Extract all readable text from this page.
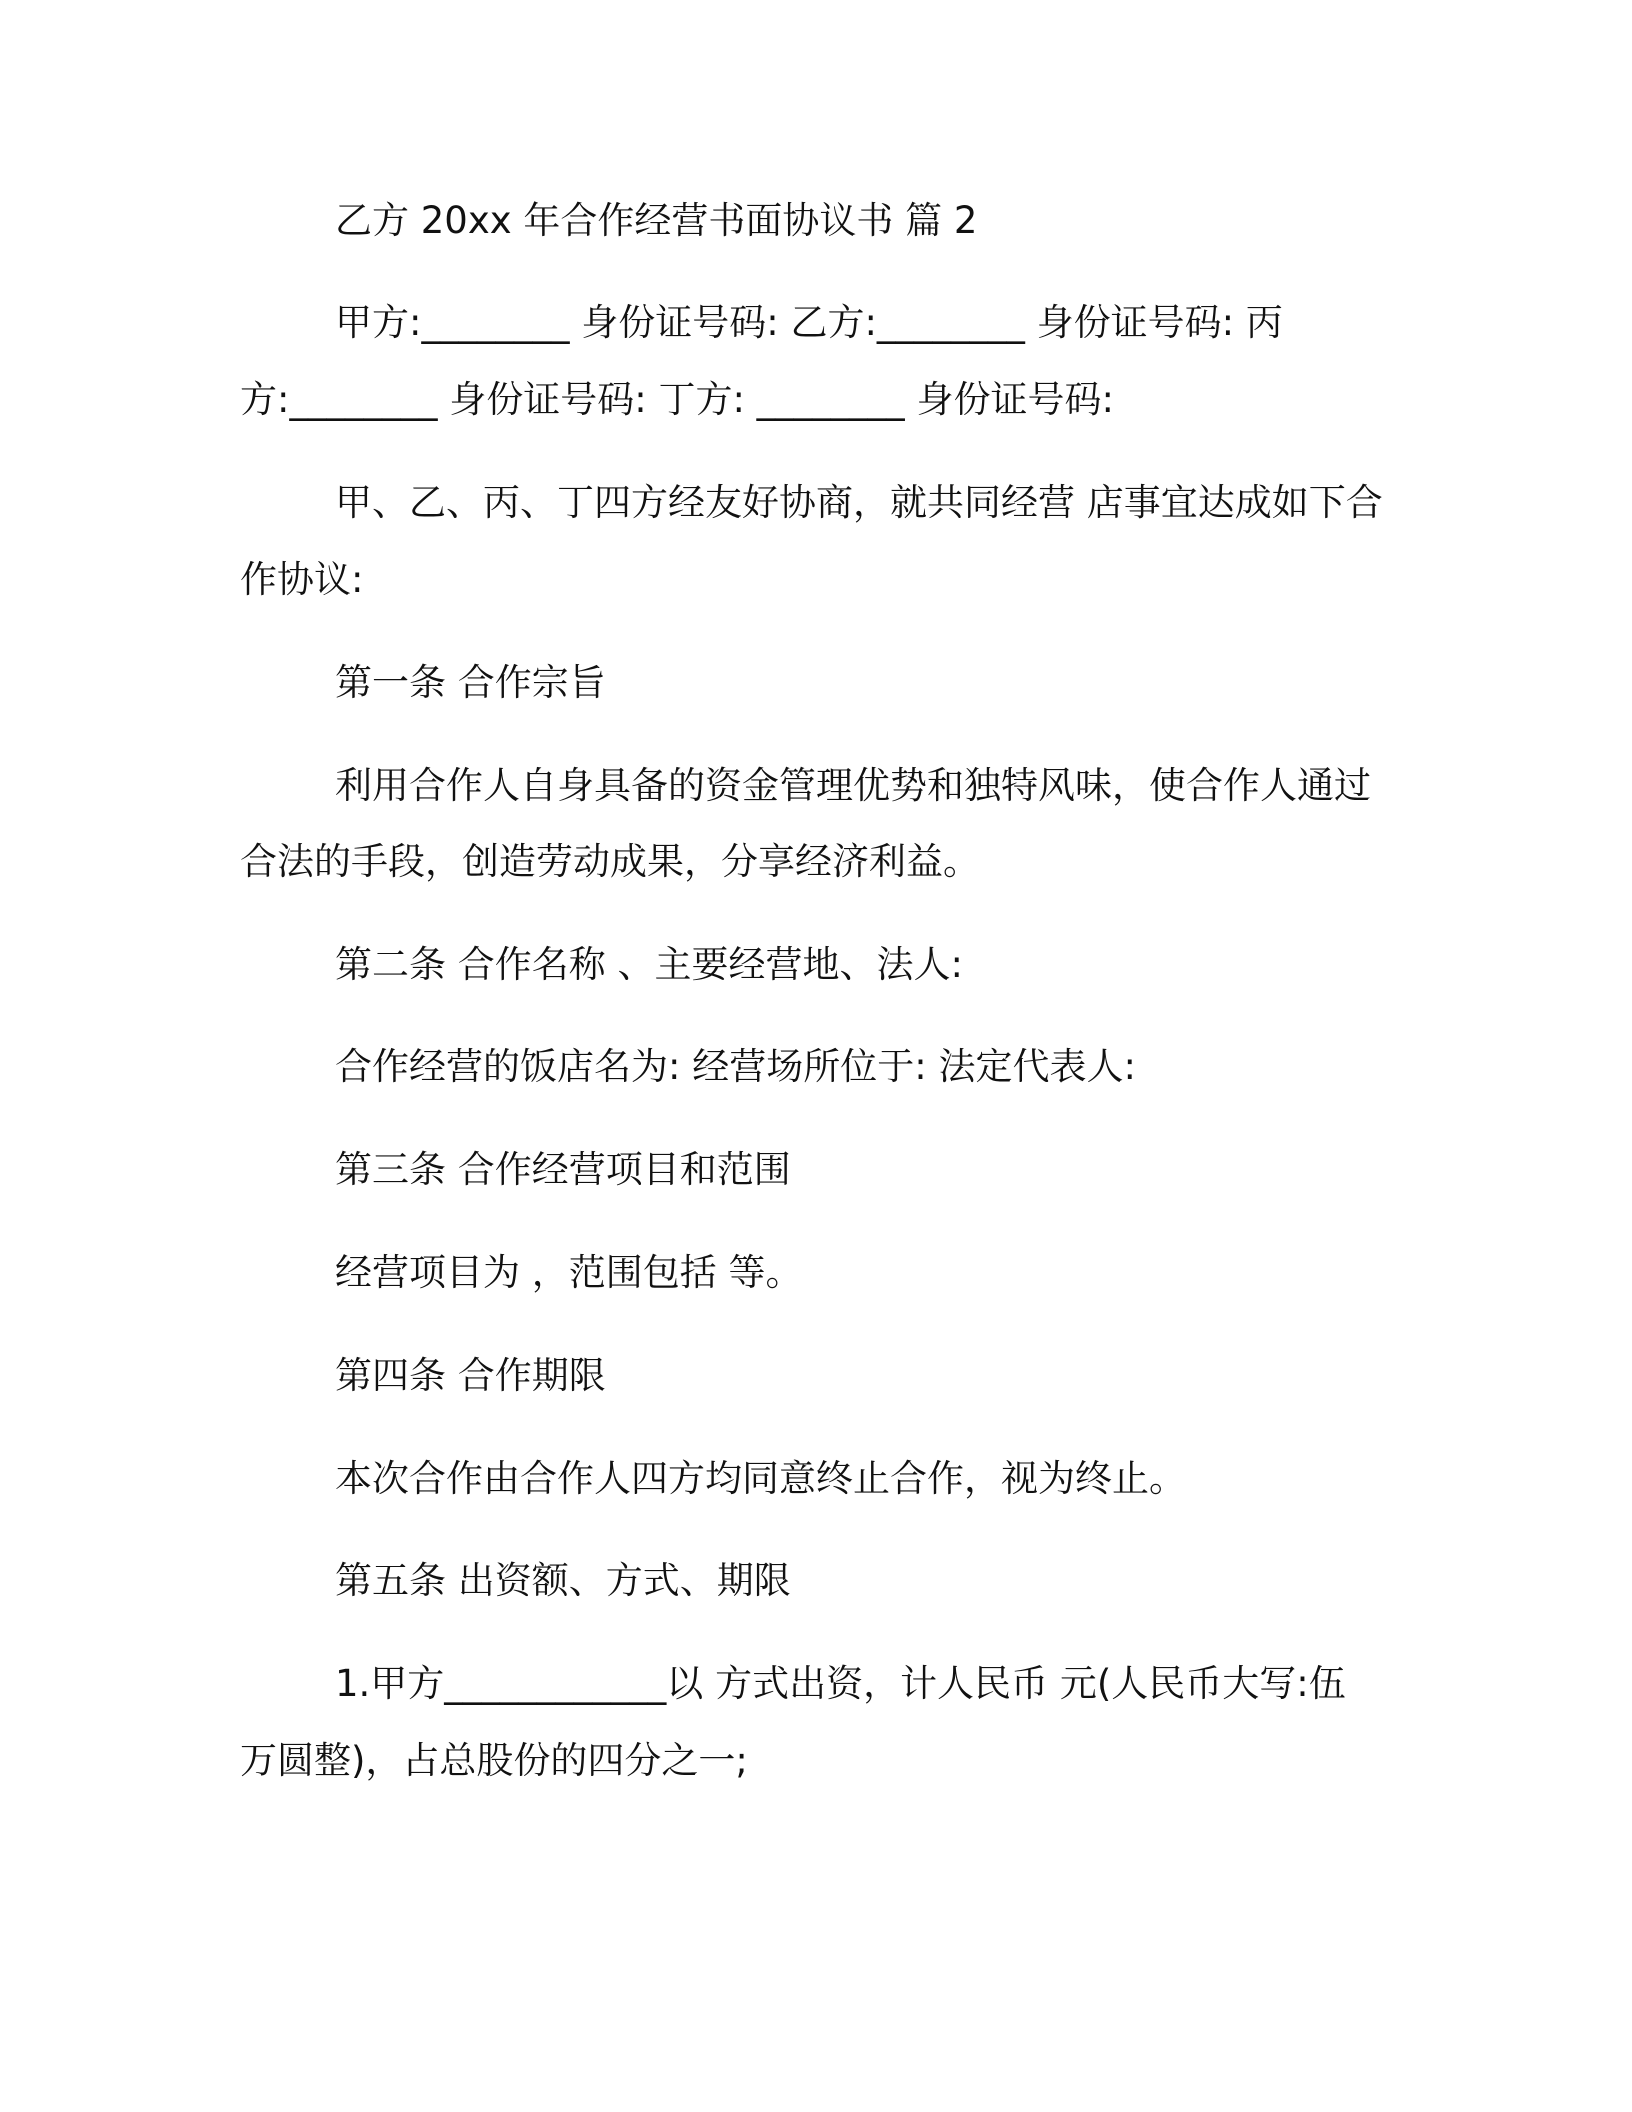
乙方 20xx 年合作经营书面协议书 篇 2
甲方:________ 身份证号码: 乙方:________ 身份证号码: 丙
方:________ 身份证号码: 丁方: ________ 身份证号码:
甲、乙、丙、丁四方经友好协商，就共同经营 店事宜达成如下合
作协议:
第一条 合作宗旨
利用合作人自身具备的资金管理优势和独特风味，使合作人通过
合法的手段，创造劳动成果，分享经济利益。
第二条 合作名称 、主要经营地、法人:
合作经营的饭店名为: 经营场所位于: 法定代表人:
第三条 合作经营项目和范围
经营项目为 ，范围包括 等。
第四条 合作期限
本次合作由合作人四方均同意终止合作，视为终止。
第五条 出资额、方式、期限
1.甲方____________以 方式出资，计人民币 元(人民币大写:伍
万圆整)，占总股份的四分之一;
